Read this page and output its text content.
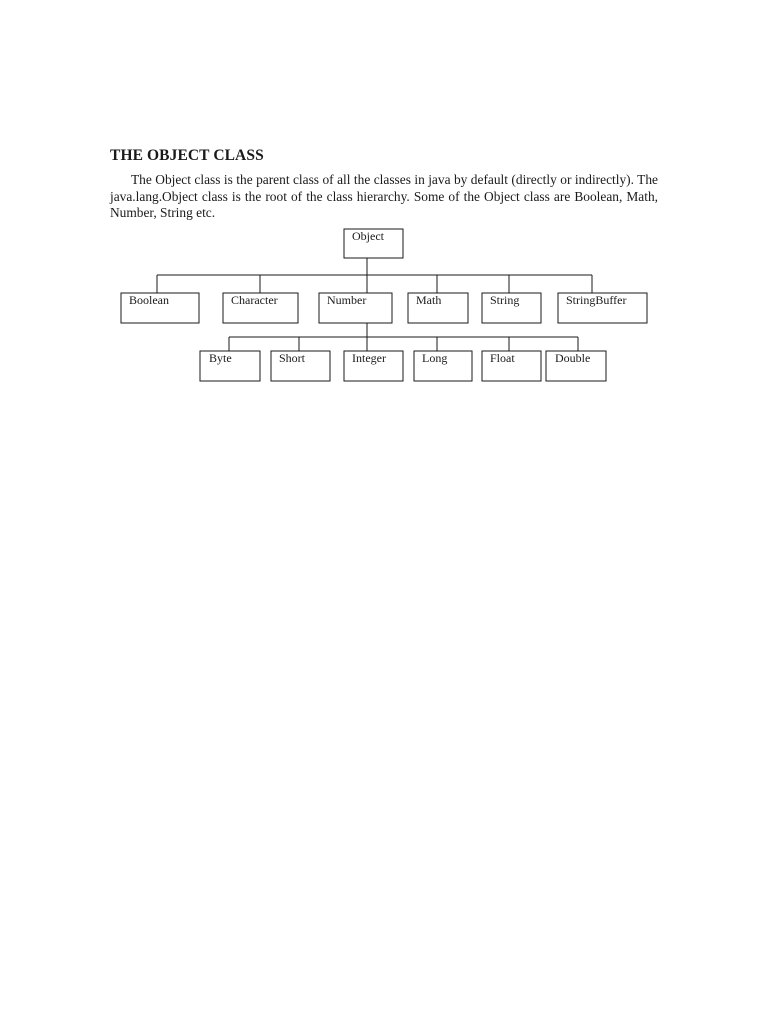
THE OBJECT CLASS

The Object class is the parent class of all the classes in java by default (directly or indirectly). The java.lang.Object class is the root of the class hierarchy. Some of the Object class are Boolean, Math, Number, String etc.

Object
Boolean	Character	Number	Math	String	StringBuffer
Byte	Short	Integer	Long	Float	Double
